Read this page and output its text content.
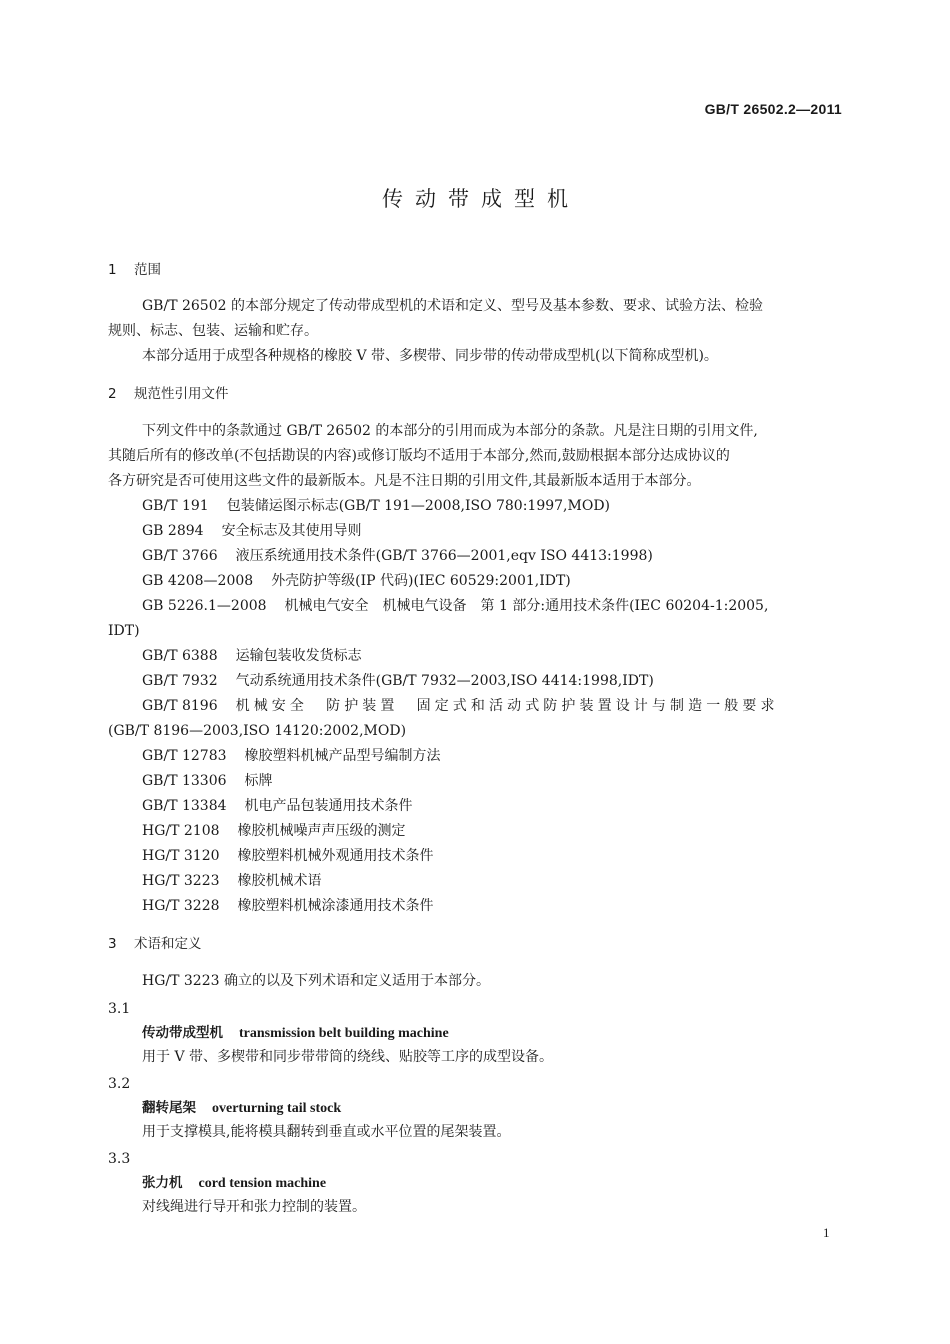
GB/T 26502.2—2011
传动带成型机
1 范围
GB/T 26502 的本部分规定了传动带成型机的术语和定义、型号及基本参数、要求、试验方法、检验
规则、标志、包装、运输和贮存。
本部分适用于成型各种规格的橡胶 V 带、多楔带、同步带的传动带成型机(以下简称成型机)。
2 规范性引用文件
下列文件中的条款通过 GB/T 26502 的本部分的引用而成为本部分的条款。凡是注日期的引用文件,
其随后所有的修改单(不包括勘误的内容)或修订版均不适用于本部分,然而,鼓励根据本部分达成协议的
各方研究是否可使用这些文件的最新版本。凡是不注日期的引用文件,其最新版本适用于本部分。
GB/T 191 包装储运图示标志(GB/T 191—2008,ISO 780:1997,MOD)
GB 2894 安全标志及其使用导则
GB/T 3766 液压系统通用技术条件(GB/T 3766—2001,eqv ISO 4413:1998)
GB 4208—2008 外壳防护等级(IP 代码)(IEC 60529:2001,IDT)
GB 5226.1—2008 机械电气安全　机械电气设备　第 1 部分:通用技术条件(IEC 60204-1:2005,
IDT)
GB/T 6388 运输包装收发货标志
GB/T 7932 气动系统通用技术条件(GB/T 7932—2003,ISO 4414:1998,IDT)
GB/T 8196 机械安全　防护装置　固定式和活动式防护装置设计与制造一般要求
(GB/T 8196—2003,ISO 14120:2002,MOD)
GB/T 12783 橡胶塑料机械产品型号编制方法
GB/T 13306 标牌
GB/T 13384 机电产品包装通用技术条件
HG/T 2108 橡胶机械噪声声压级的测定
HG/T 3120 橡胶塑料机械外观通用技术条件
HG/T 3223 橡胶机械术语
HG/T 3228 橡胶塑料机械涂漆通用技术条件
3 术语和定义
HG/T 3223 确立的以及下列术语和定义适用于本部分。
3.1
传动带成型机 transmission belt building machine
用于 V 带、多楔带和同步带带筒的绕线、贴胶等工序的成型设备。
3.2
翻转尾架 overturning tail stock
用于支撑模具,能将模具翻转到垂直或水平位置的尾架装置。
3.3
张力机 cord tension machine
对线绳进行导开和张力控制的装置。
1
